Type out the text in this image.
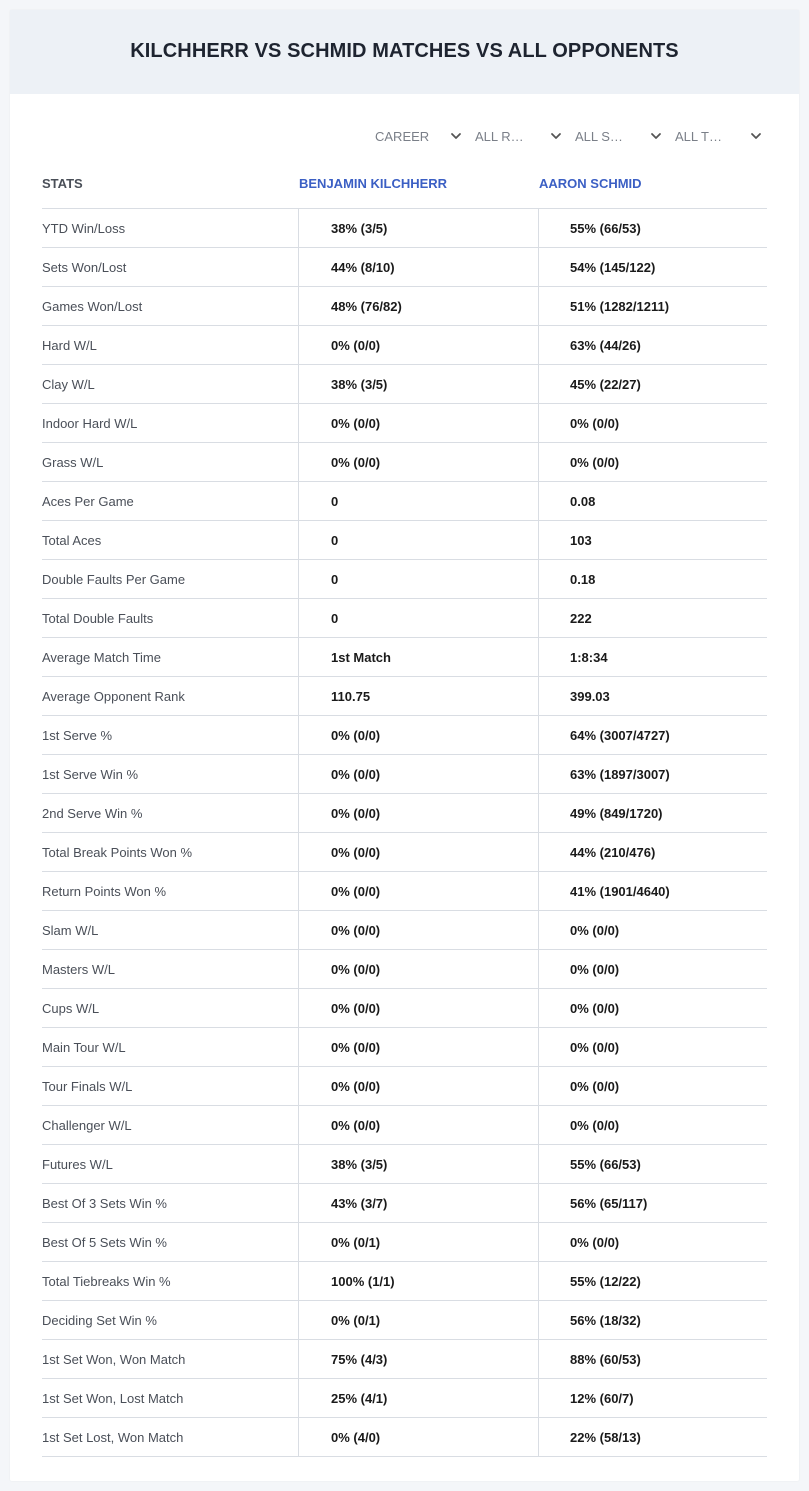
KILCHHERR VS SCHMID MATCHES VS ALL OPPONENTS
CAREER	ALL R…	ALL S…	ALL T…
STATS	BENJAMIN KILCHHERR	AARON SCHMID
YTD Win/Loss	38% (3/5)	55% (66/53)
Sets Won/Lost	44% (8/10)	54% (145/122)
Games Won/Lost	48% (76/82)	51% (1282/1211)
Hard W/L	0% (0/0)	63% (44/26)
Clay W/L	38% (3/5)	45% (22/27)
Indoor Hard W/L	0% (0/0)	0% (0/0)
Grass W/L	0% (0/0)	0% (0/0)
Aces Per Game	0	0.08
Total Aces	0	103
Double Faults Per Game	0	0.18
Total Double Faults	0	222
Average Match Time	1st Match	1:8:34
Average Opponent Rank	110.75	399.03
1st Serve %	0% (0/0)	64% (3007/4727)
1st Serve Win %	0% (0/0)	63% (1897/3007)
2nd Serve Win %	0% (0/0)	49% (849/1720)
Total Break Points Won %	0% (0/0)	44% (210/476)
Return Points Won %	0% (0/0)	41% (1901/4640)
Slam W/L	0% (0/0)	0% (0/0)
Masters W/L	0% (0/0)	0% (0/0)
Cups W/L	0% (0/0)	0% (0/0)
Main Tour W/L	0% (0/0)	0% (0/0)
Tour Finals W/L	0% (0/0)	0% (0/0)
Challenger W/L	0% (0/0)	0% (0/0)
Futures W/L	38% (3/5)	55% (66/53)
Best Of 3 Sets Win %	43% (3/7)	56% (65/117)
Best Of 5 Sets Win %	0% (0/1)	0% (0/0)
Total Tiebreaks Win %	100% (1/1)	55% (12/22)
Deciding Set Win %	0% (0/1)	56% (18/32)
1st Set Won, Won Match	75% (4/3)	88% (60/53)
1st Set Won, Lost Match	25% (4/1)	12% (60/7)
1st Set Lost, Won Match	0% (4/0)	22% (58/13)
